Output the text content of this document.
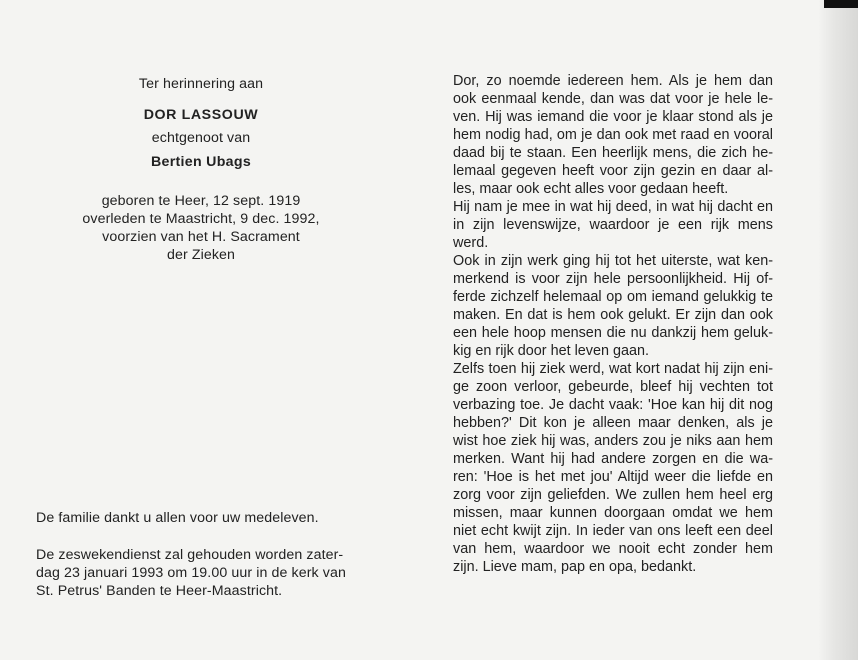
Ter herinnering aan
DOR LASSOUW
echtgenoot van
Bertien Ubags
geboren te Heer, 12 sept. 1919
overleden te Maastricht, 9 dec. 1992,
voorzien van het H. Sacrament
der Zieken
De familie dankt u allen voor uw medeleven.
De zeswekendienst zal gehouden worden zater-
dag 23 januari 1993 om 19.00 uur in de kerk van
St. Petrus' Banden te Heer-Maastricht.
Dor, zo noemde iedereen hem. Als je hem dan
ook eenmaal kende, dan was dat voor je hele le-
ven. Hij was iemand die voor je klaar stond als je
hem nodig had, om je dan ook met raad en vooral
daad bij te staan. Een heerlijk mens, die zich he-
lemaal gegeven heeft voor zijn gezin en daar al-
les, maar ook echt alles voor gedaan heeft.
Hij nam je mee in wat hij deed, in wat hij dacht en
in zijn levenswijze, waardoor je een rijk mens
werd.
Ook in zijn werk ging hij tot het uiterste, wat ken-
merkend is voor zijn hele persoonlijkheid. Hij of-
ferde zichzelf helemaal op om iemand gelukkig te
maken. En dat is hem ook gelukt. Er zijn dan ook
een hele hoop mensen die nu dankzij hem geluk-
kig en rijk door het leven gaan.
Zelfs toen hij ziek werd, wat kort nadat hij zijn eni-
ge zoon verloor, gebeurde, bleef hij vechten tot
verbazing toe. Je dacht vaak: 'Hoe kan hij dit nog
hebben?' Dit kon je alleen maar denken, als je
wist hoe ziek hij was, anders zou je niks aan hem
merken. Want hij had andere zorgen en die wa-
ren: 'Hoe is het met jou' Altijd weer die liefde en
zorg voor zijn geliefden. We zullen hem heel erg
missen, maar kunnen doorgaan omdat we hem
niet echt kwijt zijn. In ieder van ons leeft een deel
van hem, waardoor we nooit echt zonder hem
zijn. Lieve mam, pap en opa, bedankt.
